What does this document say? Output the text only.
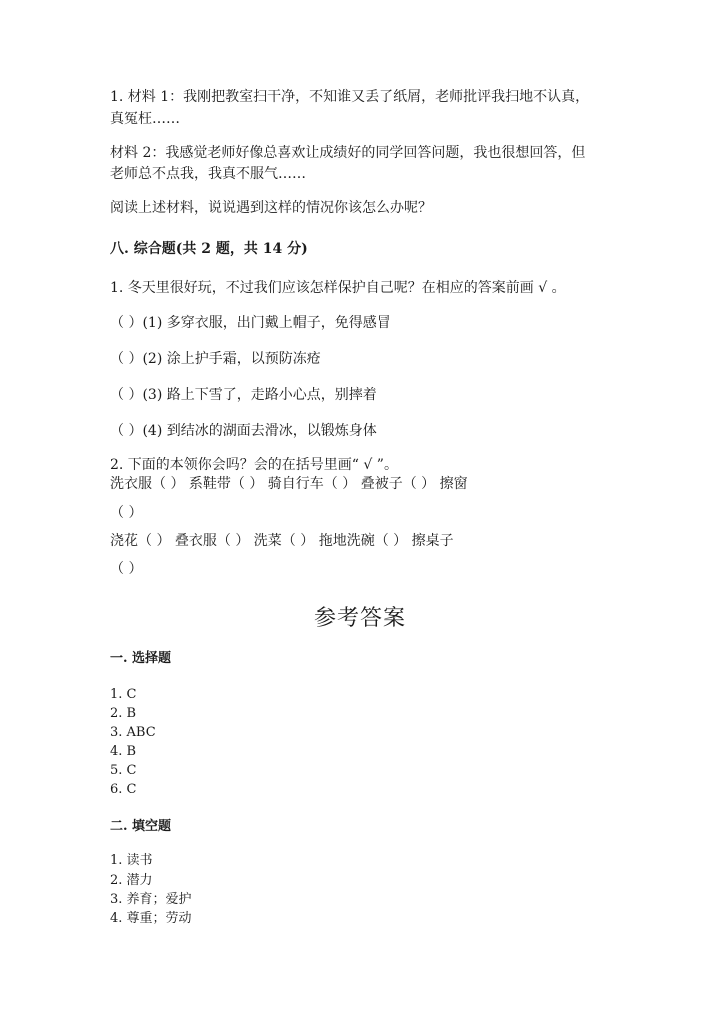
1. 材料 1：我刚把教室扫干净，不知谁又丢了纸屑，老师批评我扫地不认真，
真冤枉……
材料 2：我感觉老师好像总喜欢让成绩好的同学回答问题，我也很想回答，但
老师总不点我，我真不服气……
阅读上述材料，说说遇到这样的情况你该怎么办呢？
八. 综合题(共 2 题，共 14 分)
1. 冬天里很好玩，不过我们应该怎样保护自己呢？在相应的答案前画 √ 。
（ ）(1) 多穿衣服，出门戴上帽子，免得感冒
（ ）(2) 涂上护手霜，以预防冻疮
（ ）(3) 路上下雪了，走路小心点，别摔着
（ ）(4) 到结冰的湖面去滑冰，以锻炼身体
2. 下面的本领你会吗？会的在括号里画“ √ ”。
洗衣服（ ） 系鞋带（ ） 骑自行车（ ） 叠被子（ ） 擦窗
（ ）
浇花（ ） 叠衣服（ ） 洗菜（ ） 拖地洗碗（ ） 擦桌子
（ ）
参考答案
一. 选择题
1. C
2. B
3. ABC
4. B
5. C
6. C
二. 填空题
1. 读书
2. 潜力
3. 养育；爱护
4. 尊重；劳动
